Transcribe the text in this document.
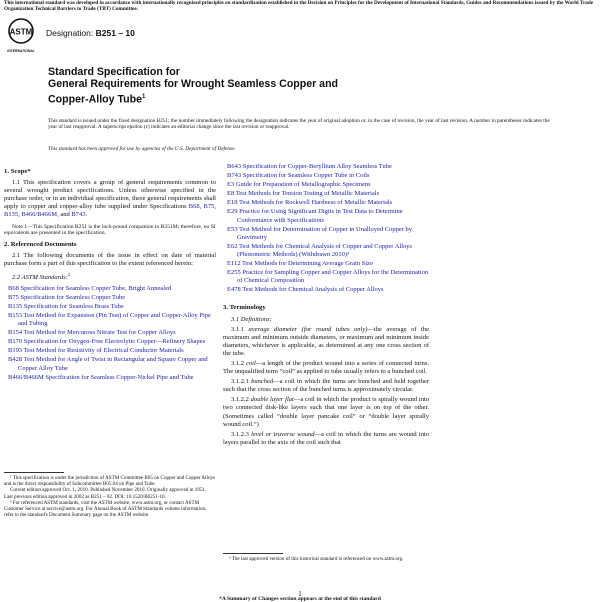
This international standard was developed in accordance with internationally recognized principles on standardization established in the Decision on Principles for the Development of International Standards, Guides and Recommendations issued by the World Trade Organization Technical Barriers to Trade (TBT) Committee.
ASTM
INTERNATIONAL
Designation: B251 – 10
Standard Specification for
General Requirements for Wrought Seamless Copper and
Copper-Alloy Tube$^1$
This standard is issued under the fixed designation B251; the number immediately following the designation indicates the year of original adoption or, in the case of revision, the year of last revision. A number in parentheses indicates the year of last reapproval. A superscript epsilon (ε) indicates an editorial change since the last revision or reapproval.
This standard has been approved for use by agencies of the U.S. Department of Defense.

1. Scope*

1.1 This specification covers a group of general requirements common to several wrought product specifications. Unless otherwise specified in the purchase order, or in an individual specification, these general requirements shall apply to copper and copper-alloy tube supplied under Specifications B68, B75, B135, B466/B466M, and B743.

Note 1—This Specification B251 is the inch-pound companion to B251M; therefore, no SI equivalents are presented in the specification.

2. Referenced Documents

2.1 The following documents of the issue in effect on date of material purchase form a part of this specification to the extent referenced herein:

2.2 ASTM Standards:$^2$

B68 Specification for Seamless Copper Tube, Bright Annealed

B75 Specification for Seamless Copper Tube

B135 Specification for Seamless Brass Tube

B153 Test Method for Expansion (Pin Test) of Copper and Copper-Alloy Pipe and Tubing

B154 Test Method for Mercurous Nitrate Test for Copper Alloys

B170 Specification for Oxygen-Free Electrolytic Copper—Refinery Shapes

B193 Test Method for Resistivity of Electrical Conductor Materials

B428 Test Method for Angle of Twist in Rectangular and Square Copper and Copper Alloy Tube

B466/B466M Specification for Seamless Copper-Nickel Pipe and Tube

¹ This specification is under the jurisdiction of ASTM Committee B05 on Copper and Copper Alloys and is the direct responsibility of Subcommittee B05.04 on Pipe and Tube.
Current edition approved Oct. 1, 2010. Published November 2010. Originally approved in 1951. Last previous edition approved in 2002 as B251 – 02. DOI: 10.1520/B0251-10.
² For referenced ASTM standards, visit the ASTM website, www.astm.org, or contact ASTM Customer Service at service@astm.org. For Annual Book of ASTM Standards volume information, refer to the standard's Document Summary page on the ASTM website.

B643 Specification for Copper-Beryllium Alloy Seamless Tube

B743 Specification for Seamless Copper Tube in Coils

E3 Guide for Preparation of Metallographic Specimens

E8 Test Methods for Tension Testing of Metallic Materials

E18 Test Methods for Rockwell Hardness of Metallic Materials

E29 Practice for Using Significant Digits in Test Data to Determine Conformance with Specifications

E53 Test Method for Determination of Copper in Unalloyed Copper by Gravimetry

E62 Test Methods for Chemical Analysis of Copper and Copper Alloys (Photometric Methods) (Withdrawn 2010)³

E112 Test Methods for Determining Average Grain Size

E255 Practice for Sampling Copper and Copper Alloys for the Determination of Chemical Composition

E478 Test Methods for Chemical Analysis of Copper Alloys

3. Terminology

3.1 Definitions:

3.1.1 average diameter (for round tubes only)—the average of the maximum and minimum outside diameters, or maximum and minimum inside diameters, whichever is applicable, as determined at any one cross section of the tube.

3.1.2 coil—a length of the product wound into a series of connected turns. The unqualified term “coil” as applied to tube usually refers to a bunched coil.

3.1.2.1 bunched—a coil in which the turns are bunched and held together such that the cross section of the bunched turns is approximately circular.

3.1.2.2 double layer flat—a coil in which the product is spirally wound into two connected disk-like layers such that one layer is on top of the other. (Sometimes called “double layer pancake coil” or “double layer spirally wound coil.”)

3.1.2.3 level or traverse wound—a coil in which the turns are wound into layers parallel to the axis of the coil such that

³ The last approved version of this historical standard is referenced on www.astm.org.
1
*A Summary of Changes section appears at the end of this standard
